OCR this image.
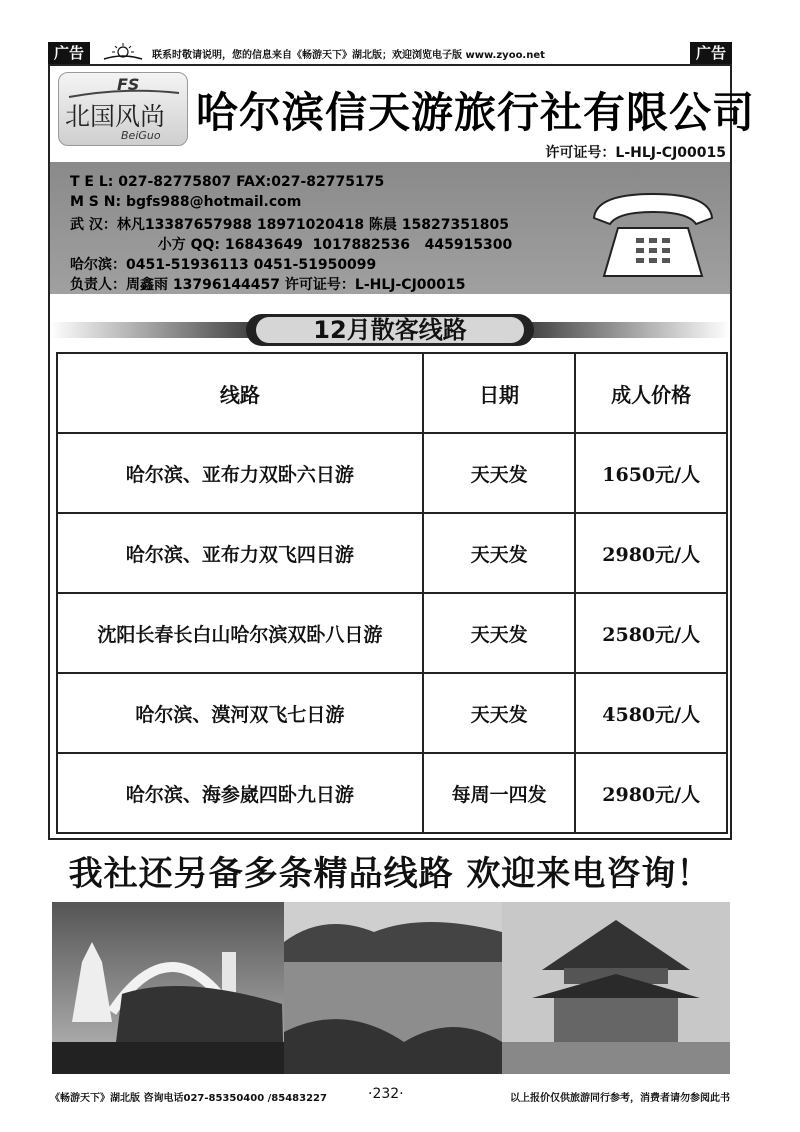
广告	联系时敬请说明，您的信息来自《畅游天下》湖北版；欢迎浏览电子版 www.zyoo.net	广告
FS
北国风尚
BeiGuo 哈尔滨信天游旅行社有限公司
许可证号：L-HLJ-CJ00015
T E L: 027-82775807 FAX:027-82775175
M S N: bgfs988@hotmail.com
武 汉：林凡13387657988 18971020418 陈晨 15827351805
小方 QQ: 16843649  1017882536   445915300
哈尔滨：0451-51936113 0451-51950099
负责人：周鑫雨 13796144457 许可证号：L-HLJ-CJ00015
12月散客线路
线路	日期	成人价格
哈尔滨、亚布力双卧六日游	天天发	1650元/人
哈尔滨、亚布力双飞四日游	天天发	2980元/人
沈阳长春长白山哈尔滨双卧八日游	天天发	2580元/人
哈尔滨、漠河双飞七日游	天天发	4580元/人
哈尔滨、海参崴四卧九日游	每周一四发	2980元/人
我社还另备多条精品线路 欢迎来电咨询！
《畅游天下》湖北版 咨询电话027-85350400 /85483227	·232·	以上报价仅供旅游同行参考，消费者请勿参阅此书
